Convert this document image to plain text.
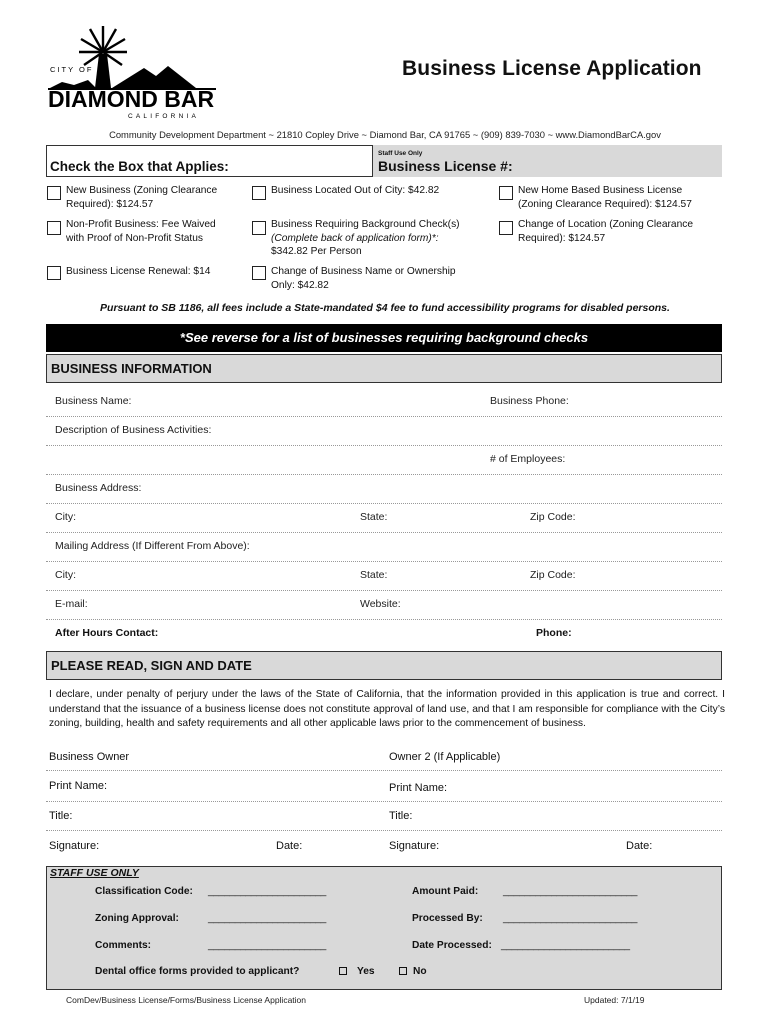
CITY OF
DIAMOND BAR
CALIFORNIA
Business License Application
Community Development Department ~ 21810 Copley Drive ~ Diamond Bar, CA 91765 ~ (909) 839-7030 ~ www.DiamondBarCA.gov
Check the Box that Applies:
Staff Use Only
Business License #:
New Business (Zoning Clearance
Required): $124.57
Business Located Out of City: $42.82	New Home Based Business License
(Zoning Clearance Required): $124.57
Non-Profit Business: Fee Waived
with Proof of Non-Profit Status
Business Requiring Background Check(s)
(Complete back of application form)*:
$342.82 Per Person
Change of Location (Zoning Clearance
Required): $124.57
Business License Renewal: $14	Change of Business Name or Ownership
Only: $42.82
Pursuant to SB 1186, all fees include a State-mandated $4 fee to fund accessibility programs for disabled persons.
*See reverse for a list of businesses requiring background checks
BUSINESS INFORMATION
Business Name:	Business Phone:
Description of Business Activities:
# of Employees:
Business Address:
City:	State:	Zip Code:
Mailing Address (If Different From Above):
City:	State:	Zip Code:
E-mail:	Website:
After Hours Contact:	Phone:
PLEASE READ, SIGN AND DATE
I declare, under penalty of perjury under the laws of the State of California, that the information provided in this application is true and correct. I understand that the issuance of a business license does not constitute approval of land use, and that I am responsible for compliance with the City’s zoning, building, health and safety requirements and all other applicable laws prior to the commencement of business.
Business Owner	Owner 2 (If Applicable)
Print Name:	Print Name:
Title:	Title:
Signature:	Date:	Signature:	Date:
STAFF USE ONLY
Classification Code: ______________________	Amount Paid: _________________________
Zoning Approval:	______________________	Processed By: _________________________
Comments:	______________________	Date Processed: ________________________
Dental office forms provided to applicant?	Yes	No
ComDev/Business License/Forms/Business License Application	Updated: 7/1/19
